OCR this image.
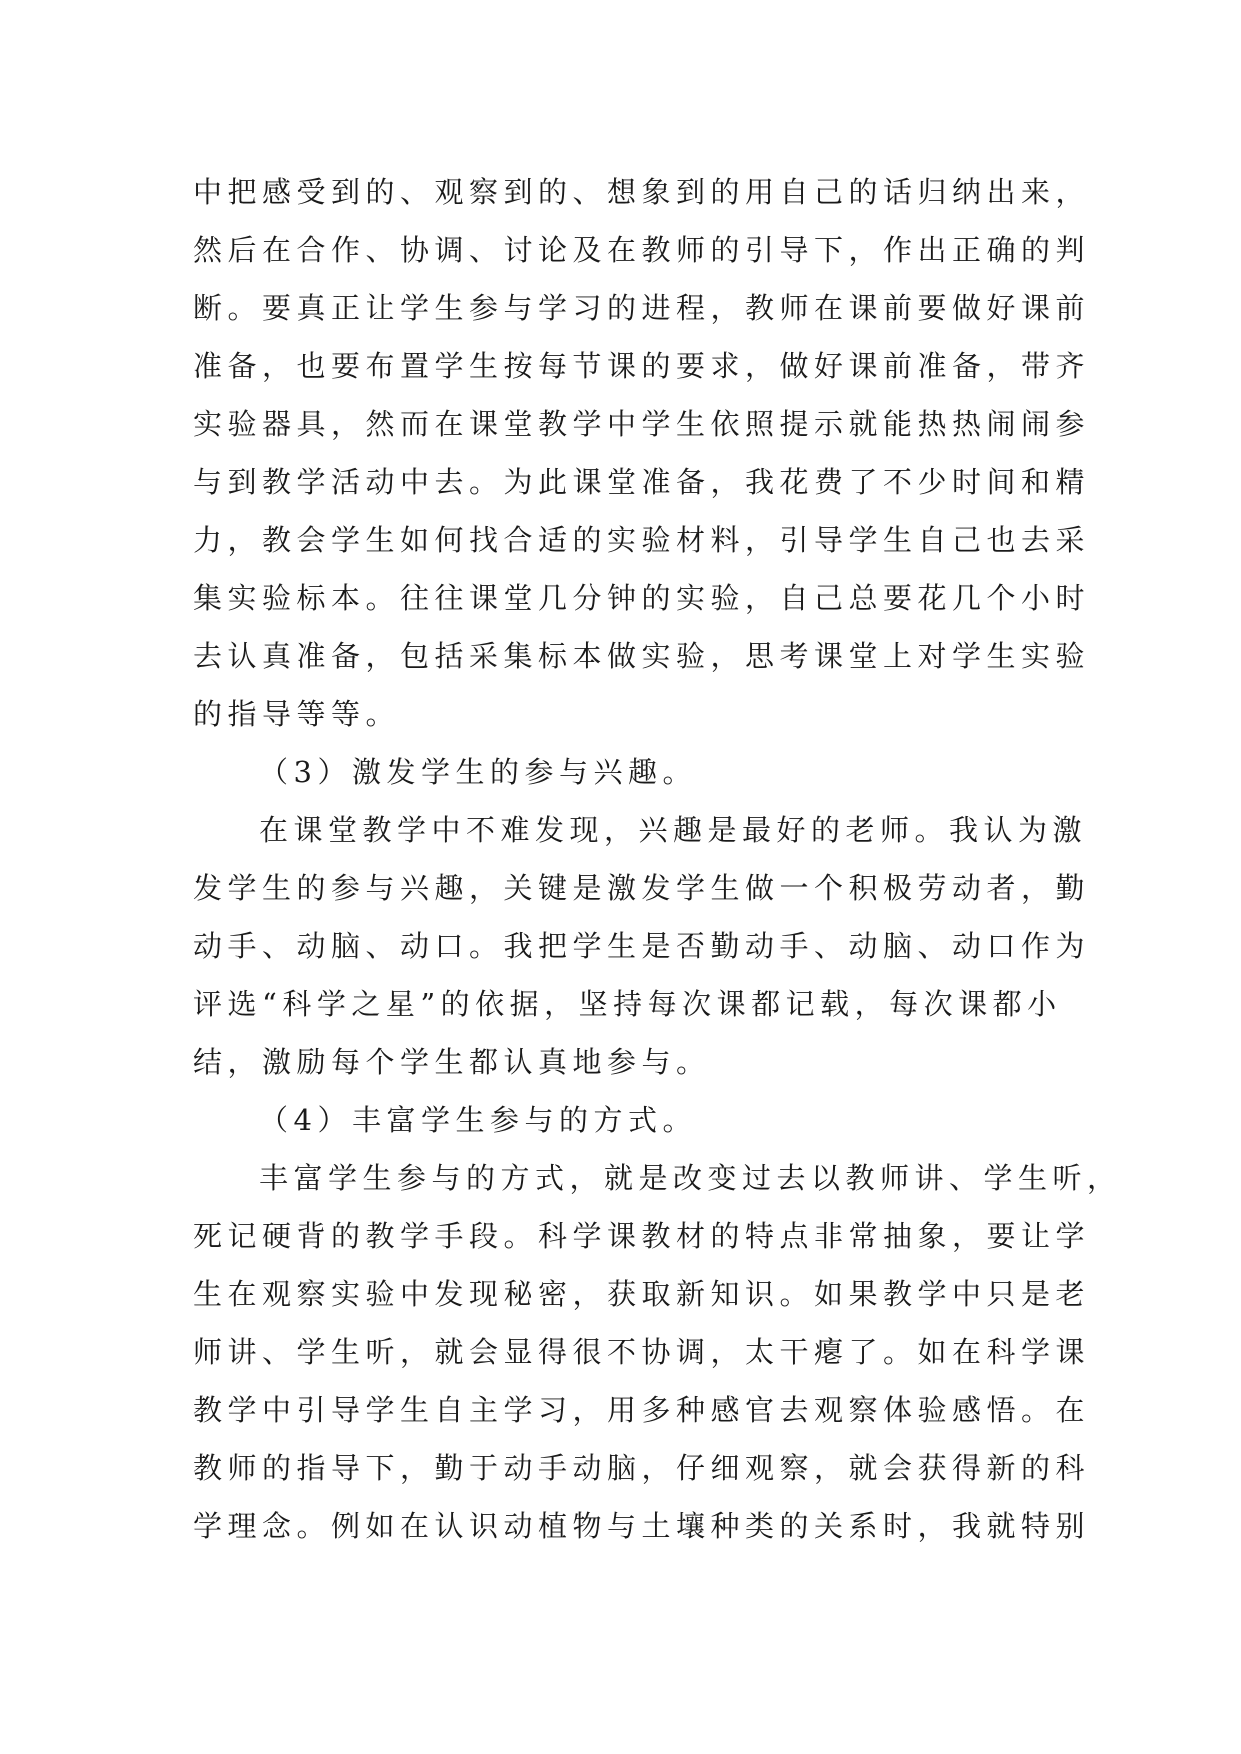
中把感受到的、观察到的、想象到的用自己的话归纳出来，
然后在合作、协调、讨论及在教师的引导下，作出正确的判
断。要真正让学生参与学习的进程，教师在课前要做好课前
准备，也要布置学生按每节课的要求，做好课前准备，带齐
实验器具，然而在课堂教学中学生依照提示就能热热闹闹参
与到教学活动中去。为此课堂准备，我花费了不少时间和精
力，教会学生如何找合适的实验材料，引导学生自己也去采
集实验标本。往往课堂几分钟的实验，自己总要花几个小时
去认真准备，包括采集标本做实验，思考课堂上对学生实验
的指导等等。
（3）激发学生的参与兴趣。
在课堂教学中不难发现，兴趣是最好的老师。我认为激
发学生的参与兴趣，关键是激发学生做一个积极劳动者，勤
动手、动脑、动口。我把学生是否勤动手、动脑、动口作为
评选“科学之星”的依据，坚持每次课都记载，每次课都小
结，激励每个学生都认真地参与。
（4）丰富学生参与的方式。
丰富学生参与的方式，就是改变过去以教师讲、学生听，
死记硬背的教学手段。科学课教材的特点非常抽象，要让学
生在观察实验中发现秘密，获取新知识。如果教学中只是老
师讲、学生听，就会显得很不协调，太干瘪了。如在科学课
教学中引导学生自主学习，用多种感官去观察体验感悟。在
教师的指导下，勤于动手动脑，仔细观察，就会获得新的科
学理念。例如在认识动植物与土壤种类的关系时，我就特别
